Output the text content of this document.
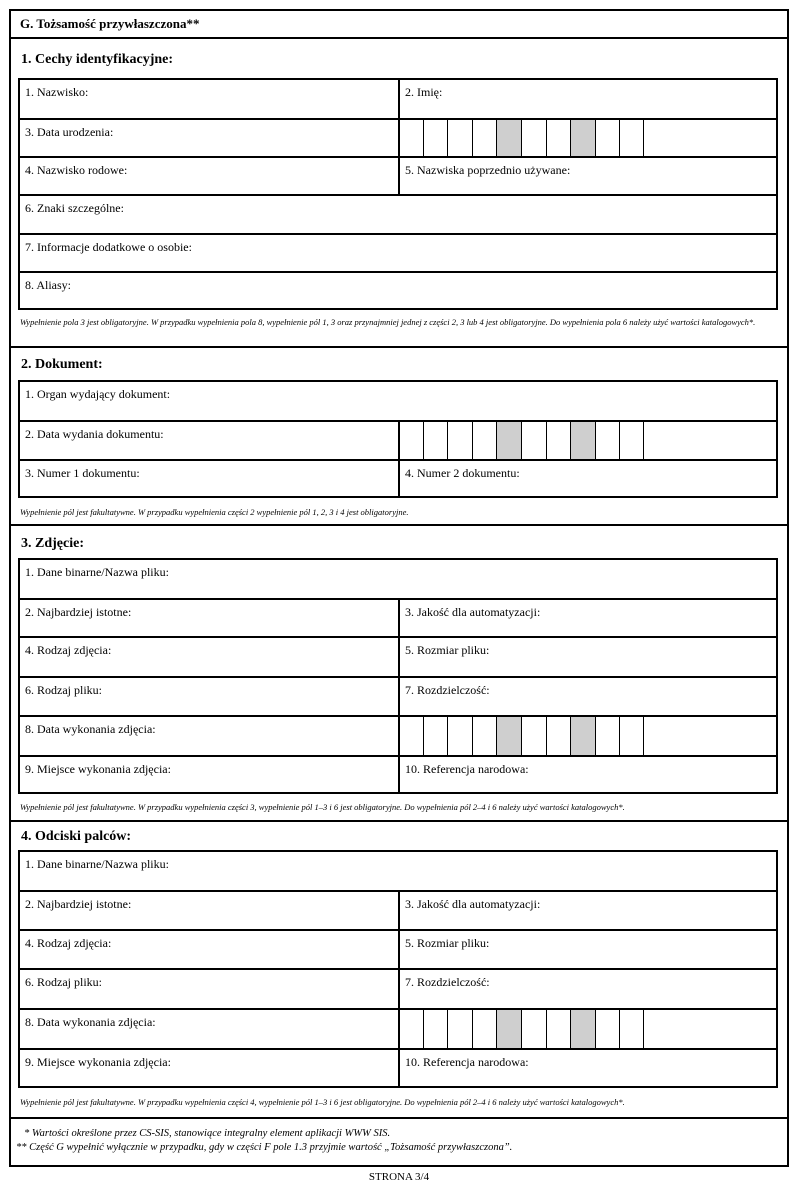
G. Tożsamość przywłaszczona**
1. Cechy identyfikacyjne:
1. Nazwisko:	2. Imię:
3. Data urodzenia:
4. Nazwisko rodowe:	5. Nazwiska poprzednio używane:
6. Znaki szczególne:
7. Informacje dodatkowe o osobie:
8. Aliasy:
Wypełnienie pola 3 jest obligatoryjne. W przypadku wypełnienia pola 8, wypełnienie pól 1, 3 oraz przynajmniej jednej z części 2, 3 lub 4 jest obligatoryjne. Do wypełnienia pola 6 należy użyć wartości katalogowych*.
2. Dokument:
1. Organ wydający dokument:
2. Data wydania dokumentu:
3. Numer 1 dokumentu:	4. Numer 2 dokumentu:
Wypełnienie pól jest fakultatywne. W przypadku wypełnienia części 2 wypełnienie pól 1, 2, 3 i 4 jest obligatoryjne.
3. Zdjęcie:
1. Dane binarne/Nazwa pliku:
2. Najbardziej istotne:	3. Jakość dla automatyzacji:
4. Rodzaj zdjęcia:	5. Rozmiar pliku:
6. Rodzaj pliku:	7. Rozdzielczość:
8. Data wykonania zdjęcia:
9. Miejsce wykonania zdjęcia:	10. Referencja narodowa:
Wypełnienie pól jest fakultatywne. W przypadku wypełnienia części 3, wypełnienie pól 1–3 i 6 jest obligatoryjne. Do wypełnienia pól 2–4 i 6 należy użyć wartości katalogowych*.
4. Odciski palców:
1. Dane binarne/Nazwa pliku:
2. Najbardziej istotne:	3. Jakość dla automatyzacji:
4. Rodzaj zdjęcia:	5. Rozmiar pliku:
6. Rodzaj pliku:	7. Rozdzielczość:
8. Data wykonania zdjęcia:
9. Miejsce wykonania zdjęcia:	10. Referencja narodowa:
Wypełnienie pól jest fakultatywne. W przypadku wypełnienia części 4, wypełnienie pól 1–3 i 6 jest obligatoryjne. Do wypełnienia pól 2–4 i 6 należy użyć wartości katalogowych*.
* Wartości określone przez CS-SIS, stanowiące integralny element aplikacji WWW SIS.
** Część G wypełnić wyłącznie w przypadku, gdy w części F pole 1.3 przyjmie wartość „Tożsamość przywłaszczona”.
STRONA 3/4
